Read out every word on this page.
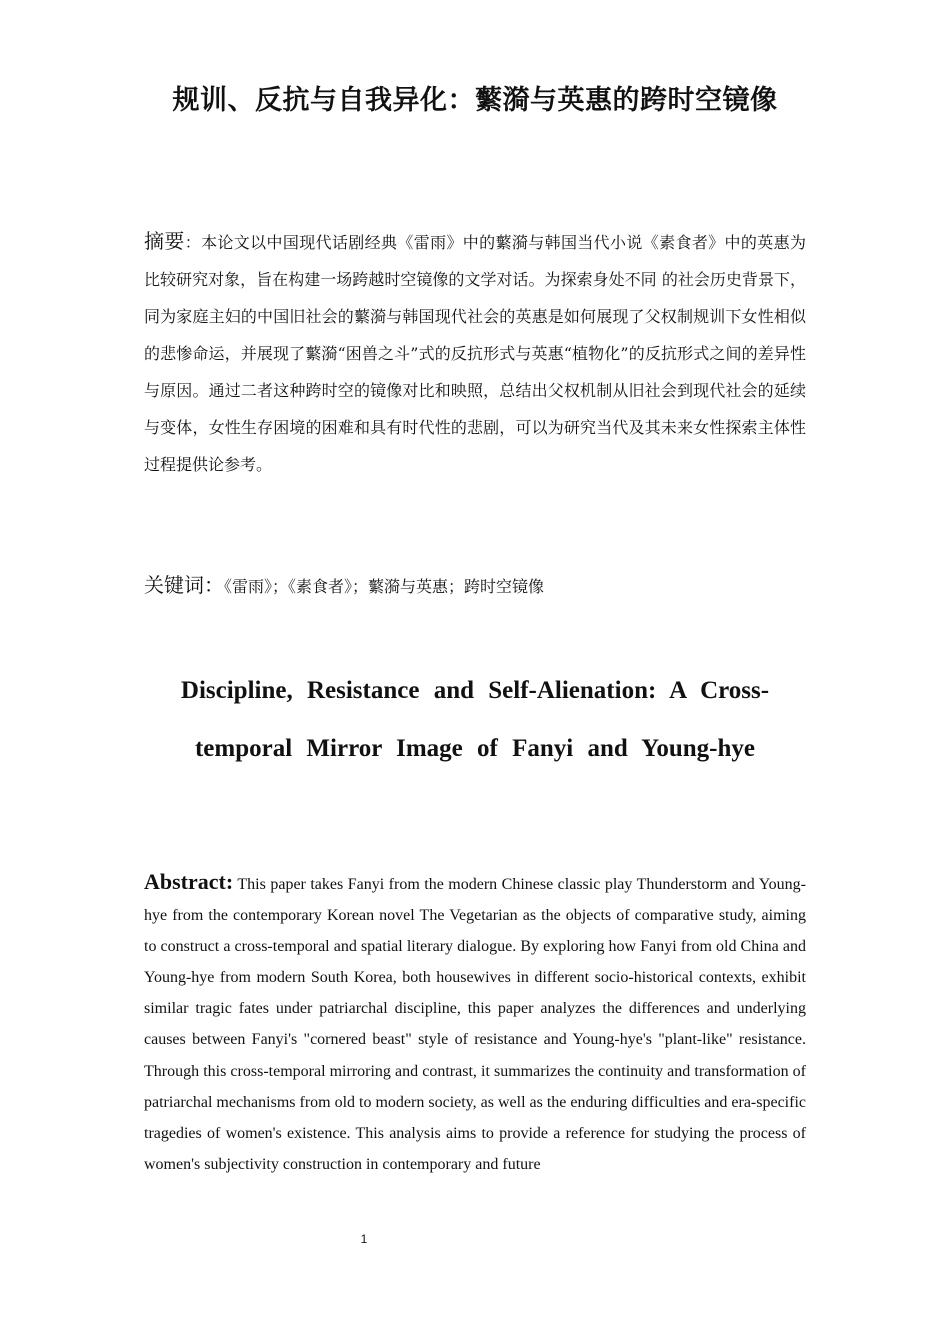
规训、反抗与自我异化：蘩漪与英惠的跨时空镜像
摘要：本论文以中国现代话剧经典《雷雨》中的蘩漪与韩国当代小说《素食者》中的英惠为比较研究对象，旨在构建一场跨越时空镜像的文学对话。为探索身处不同 的社会历史背景下，同为家庭主妇的中国旧社会的蘩漪与韩国现代社会的英惠是如何展现了父权制规训下女性相似的悲惨命运，并展现了蘩漪“困兽之斗”式的反抗形式与英惠“植物化”的反抗形式之间的差异性与原因。通过二者这种跨时空的镜像对比和映照，总结出父权机制从旧社会到现代社会的延续与变体，女性生存困境的困难和具有时代性的悲剧，可以为研究当代及其未来女性探索主体性过程提供论参考。
关键词：《雷雨》；《素食者》；蘩漪与英惠；跨时空镜像
Discipline, Resistance and Self-Alienation: A Cross-temporal Mirror Image of Fanyi and Young-hye
Abstract: This paper takes Fanyi from the modern Chinese classic play Thunderstorm and Young-hye from the contemporary Korean novel The Vegetarian as the objects of comparative study, aiming to construct a cross-temporal and spatial literary dialogue. By exploring how Fanyi from old China and Young-hye from modern South Korea, both housewives in different socio-historical contexts, exhibit similar tragic fates under patriarchal discipline, this paper analyzes the differences and underlying causes between Fanyi's "cornered beast" style of resistance and Young-hye's "plant-like" resistance. Through this cross-temporal mirroring and contrast, it summarizes the continuity and transformation of patriarchal mechanisms from old to modern society, as well as the enduring difficulties and era-specific tragedies of women's existence. This analysis aims to provide a reference for studying the process of women's subjectivity construction in contemporary and future
1
